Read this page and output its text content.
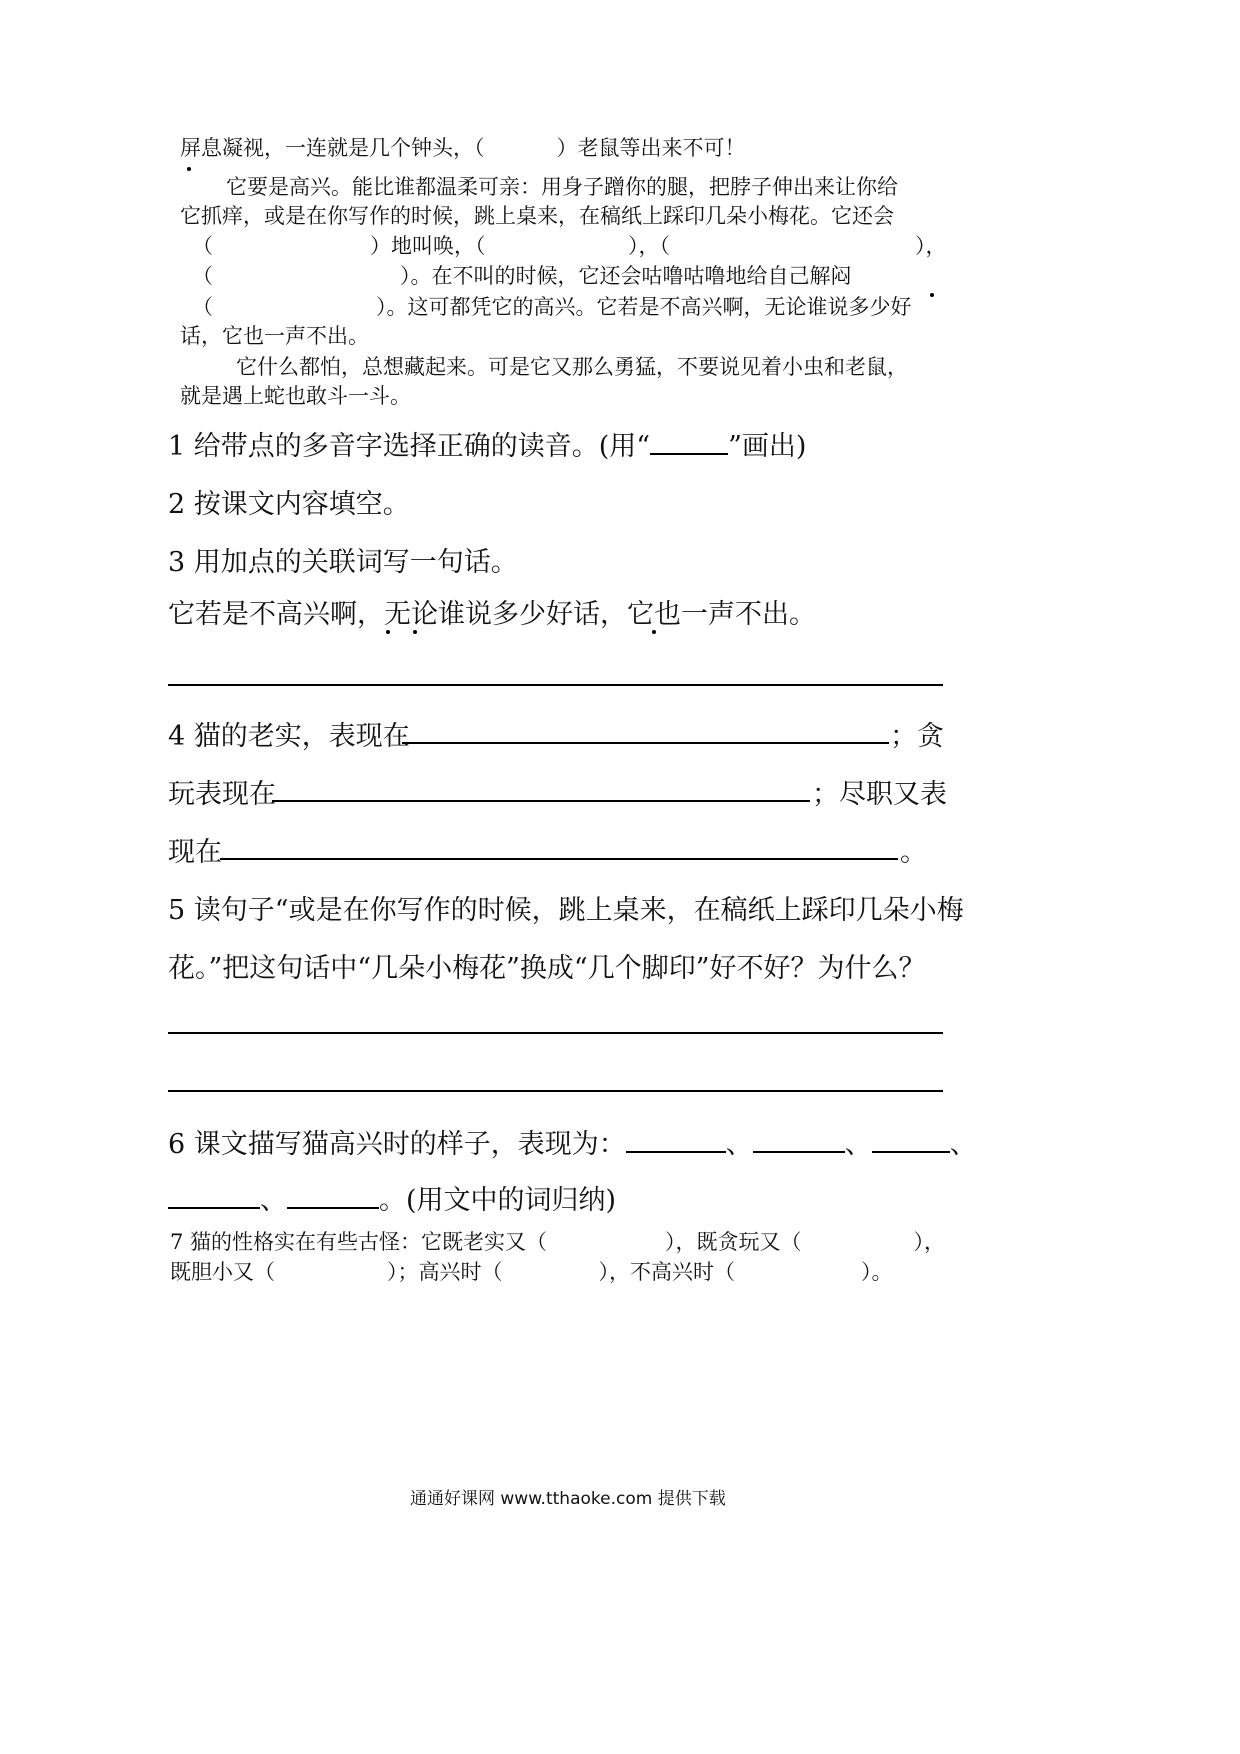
屏息凝视，一连就是几个钟头，（	）老鼠等出来不可！
它要是高兴。能比谁都温柔可亲：用身子蹭你的腿，把脖子伸出来让你给
它抓痒，或是在你写作的时候，跳上桌来，在稿纸上踩印几朵小梅花。它还会
（	）地叫唤，（	），（	），
（	）。在不叫的时候，它还会咕噜咕噜地给自己解闷
（	）。这可都凭它的高兴。它若是不高兴啊，无论谁说多少好
话，它也一声不出。
它什么都怕，总想藏起来。可是它又那么勇猛，不要说见着小虫和老鼠，
就是遇上蛇也敢斗一斗。
1 给带点的多音字选择正确的读音。(用“	”画出)
2 按课文内容填空。
3 用加点的关联词写一句话。
它若是不高兴啊，无论谁说多少好话，它也一声不出。
4 猫的老实，表现在	；贪
玩表现在	；尽职又表
现在	。
5 读句子“或是在你写作的时候，跳上桌来，在稿纸上踩印几朵小梅
花。”把这句话中“几朵小梅花”换成“几个脚印”好不好？为什么？
6 课文描写猫高兴时的样子，表现为：	、	、	、
、	。(用文中的词归纳)
7 猫的性格实在有些古怪：它既老实又（	），既贪玩又（	），
既胆小又（	）；高兴时（	），不高兴时（	）。
通通好课网 www.tthaoke.com 提供下载
